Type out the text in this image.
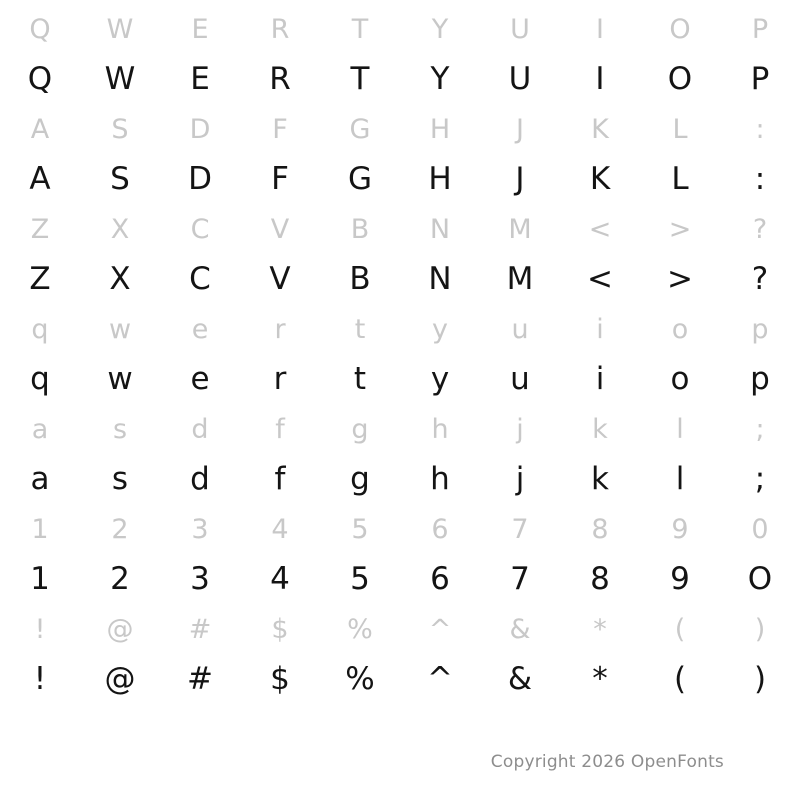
Q W E R T Y U I O P
Q W E R T Y U I O P
A S D F G H J K L	:
A S D F G H J K L :
Z X C V B N M < > ?
Z X C V B N M < > ?
q w e r	t y u	i	o p
q w e r t y u i o p
a s d f g h	j	k	l	;
a s d f g h j k l ;
1 2 3 4 5 6 7 8 9 0
1 2 3 4 5 6 7 8 9 O
! @ # $ % ^ & *	(	)
! @ # $ % ^ & * ( )
Copyright 2026 OpenFonts
